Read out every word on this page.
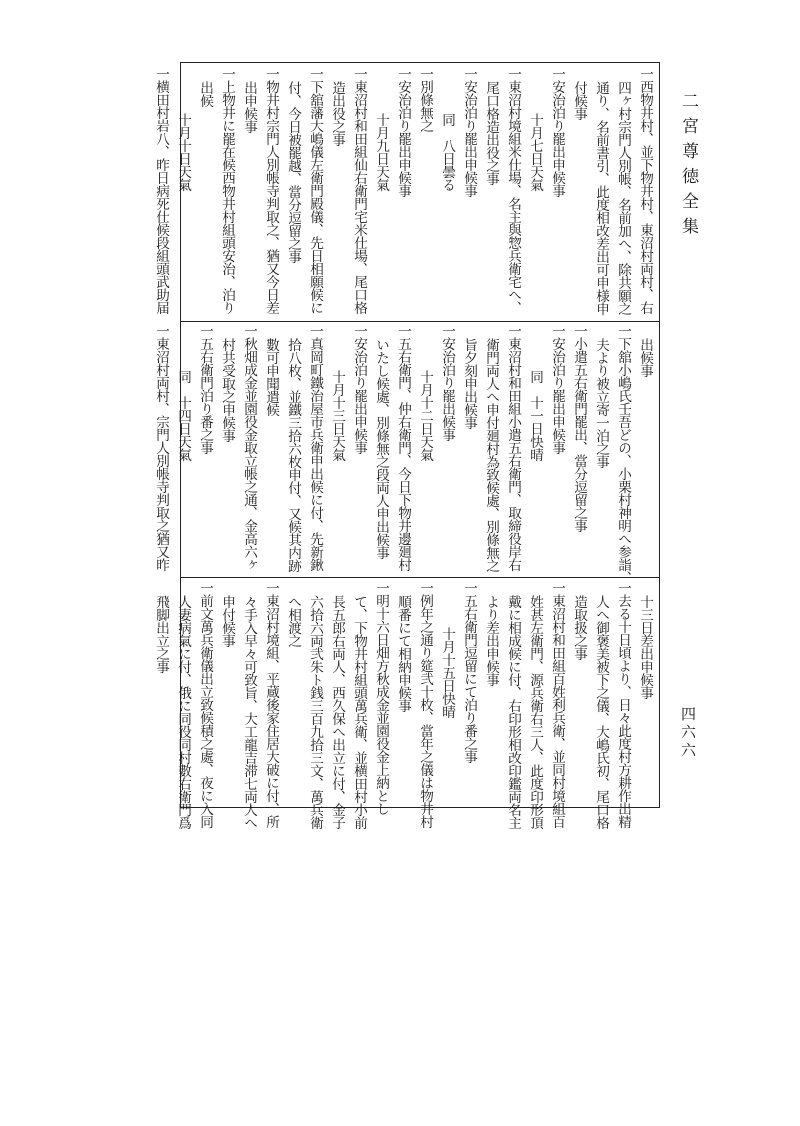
二宮尊徳全集
四六六
一西物井村、並下物井村、東沼村両村、右
四ヶ村宗門人別帳、名前加へ、除共願之
通り、名前書引、此度相改差出可申様申
付候事
一安治泊り罷出申候事
十月七日天氣
一東沼村境組米仕場、名主與惣兵衛宅へ、
尾口格造出役之事
一安治泊り罷出申候事
同　八日曇る
一別條無之
一安治泊り罷出申候事
十月九日天氣
一東沼村和田組仙右衛門宅米仕場、尾口格
造出役之事
一下舘藩大嶋儀左衛門殿儀、先日相願候に
付、今日被罷越、當分逗留之事
一物井村宗門人別帳寺判取之、猶又今日差
出申候事
一上物井に罷在候西物井村組頭安治、泊り
出候
十月十日天氣
一横田村岩八、昨日病死仕候段組頭武助届
出候事
一下舘小嶋氏壬吾どの、小栗村神明へ参詣、
夫より被立寄一泊之事
一小遣五右衛門罷出、當分逗留之事
一安治泊り罷出申候事
同　十一日快晴
一東沼村和田組小遣五右衛門、取締役岸右
衛門両人へ申付廻村為致候處、別條無之
旨夕刻申出候事
一安治泊り罷出候事
十月十二日天氣
一五右衛門、仲右衛門、今日下物井邊廻村
いたし候處、別條無之段両人申出候事
一安治泊り罷出申候事
十月十三日天氣
一真岡町鐵治屋市兵衛申出候に付、先新鍬
拾八枚、並鐵三拾六枚申付、又候其内跡
數可申聞遣候
一秋畑成金並園役金取立帳之通、金高六ヶ
村共受取之申候事
一五右衛門泊り番之事
同　十四日天氣
一東沼村両村、宗門人別帳寺判取之猶又昨
十三日差出申候事
一去る十日頃より、日々此度村方耕作出精
人へ御褒美被下之儀、大嶋氏初、尾口格
造取扱之事
一東沼村和田組百姓利兵衛、並同村境組百
姓甚左衛門、源兵衛右三人、此度印形頂
戴に相成候に付、右印形相改印鑑両名主
より差出申候事
一五右衛門逗留にて泊り番之事
十月十五日快晴
一例年之通り筵弐十枚、當年之儀は物井村
順番にて相納申候事
一明十六日畑方秋成金並園役金上納とし
て、下物井村組頭萬兵衛、並横田村小前
長五郎右両人、西久保へ出立に付、金子
六拾六両弐朱ト銭三百九拾三文、萬兵衛
へ相渡之
一東沼村境組、平蔵後家住居大破に付、所
々手入早々可致旨、大工龍吉滞七両人へ
申付候事
一前文萬兵衛儀出立致候積之處、夜に入同
人妻病氣に付、俄に同役同村數右衛門爲
飛脚出立之事
